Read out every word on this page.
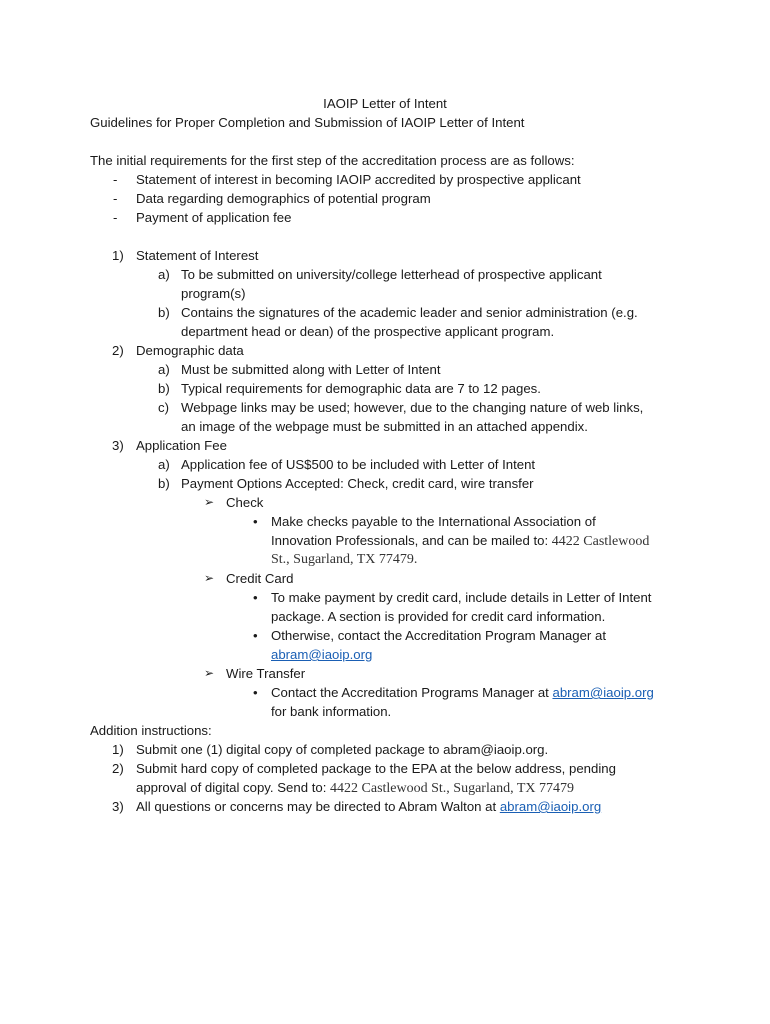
IAOIP Letter of Intent
Guidelines for Proper Completion and Submission of IAOIP Letter of Intent
The initial requirements for the first step of the accreditation process are as follows:
- Statement of interest in becoming IAOIP accredited by prospective applicant
- Data regarding demographics of potential program
- Payment of application fee
1) Statement of Interest
a) To be submitted on university/college letterhead of prospective applicant
program(s)
b) Contains the signatures of the academic leader and senior administration (e.g.
department head or dean) of the prospective applicant program.
2) Demographic data
a) Must be submitted along with Letter of Intent
b) Typical requirements for demographic data are 7 to 12 pages.
c) Webpage links may be used; however, due to the changing nature of web links,
an image of the webpage must be submitted in an attached appendix.
3) Application Fee
a) Application fee of US$500 to be included with Letter of Intent
b) Payment Options Accepted: Check, credit card, wire transfer
➢ Check
• Make checks payable to the International Association of
Innovation Professionals, and can be mailed to: 4422 Castlewood
St., Sugarland, TX 77479.
➢ Credit Card
• To make payment by credit card, include details in Letter of Intent
package. A section is provided for credit card information.
• Otherwise, contact the Accreditation Program Manager at
abram@iaoip.org
➢ Wire Transfer
• Contact the Accreditation Programs Manager at abram@iaoip.org
for bank information.
Addition instructions:
1) Submit one (1) digital copy of completed package to abram@iaoip.org.
2) Submit hard copy of completed package to the EPA at the below address, pending
approval of digital copy. Send to: 4422 Castlewood St., Sugarland, TX 77479
3) All questions or concerns may be directed to Abram Walton at abram@iaoip.org
